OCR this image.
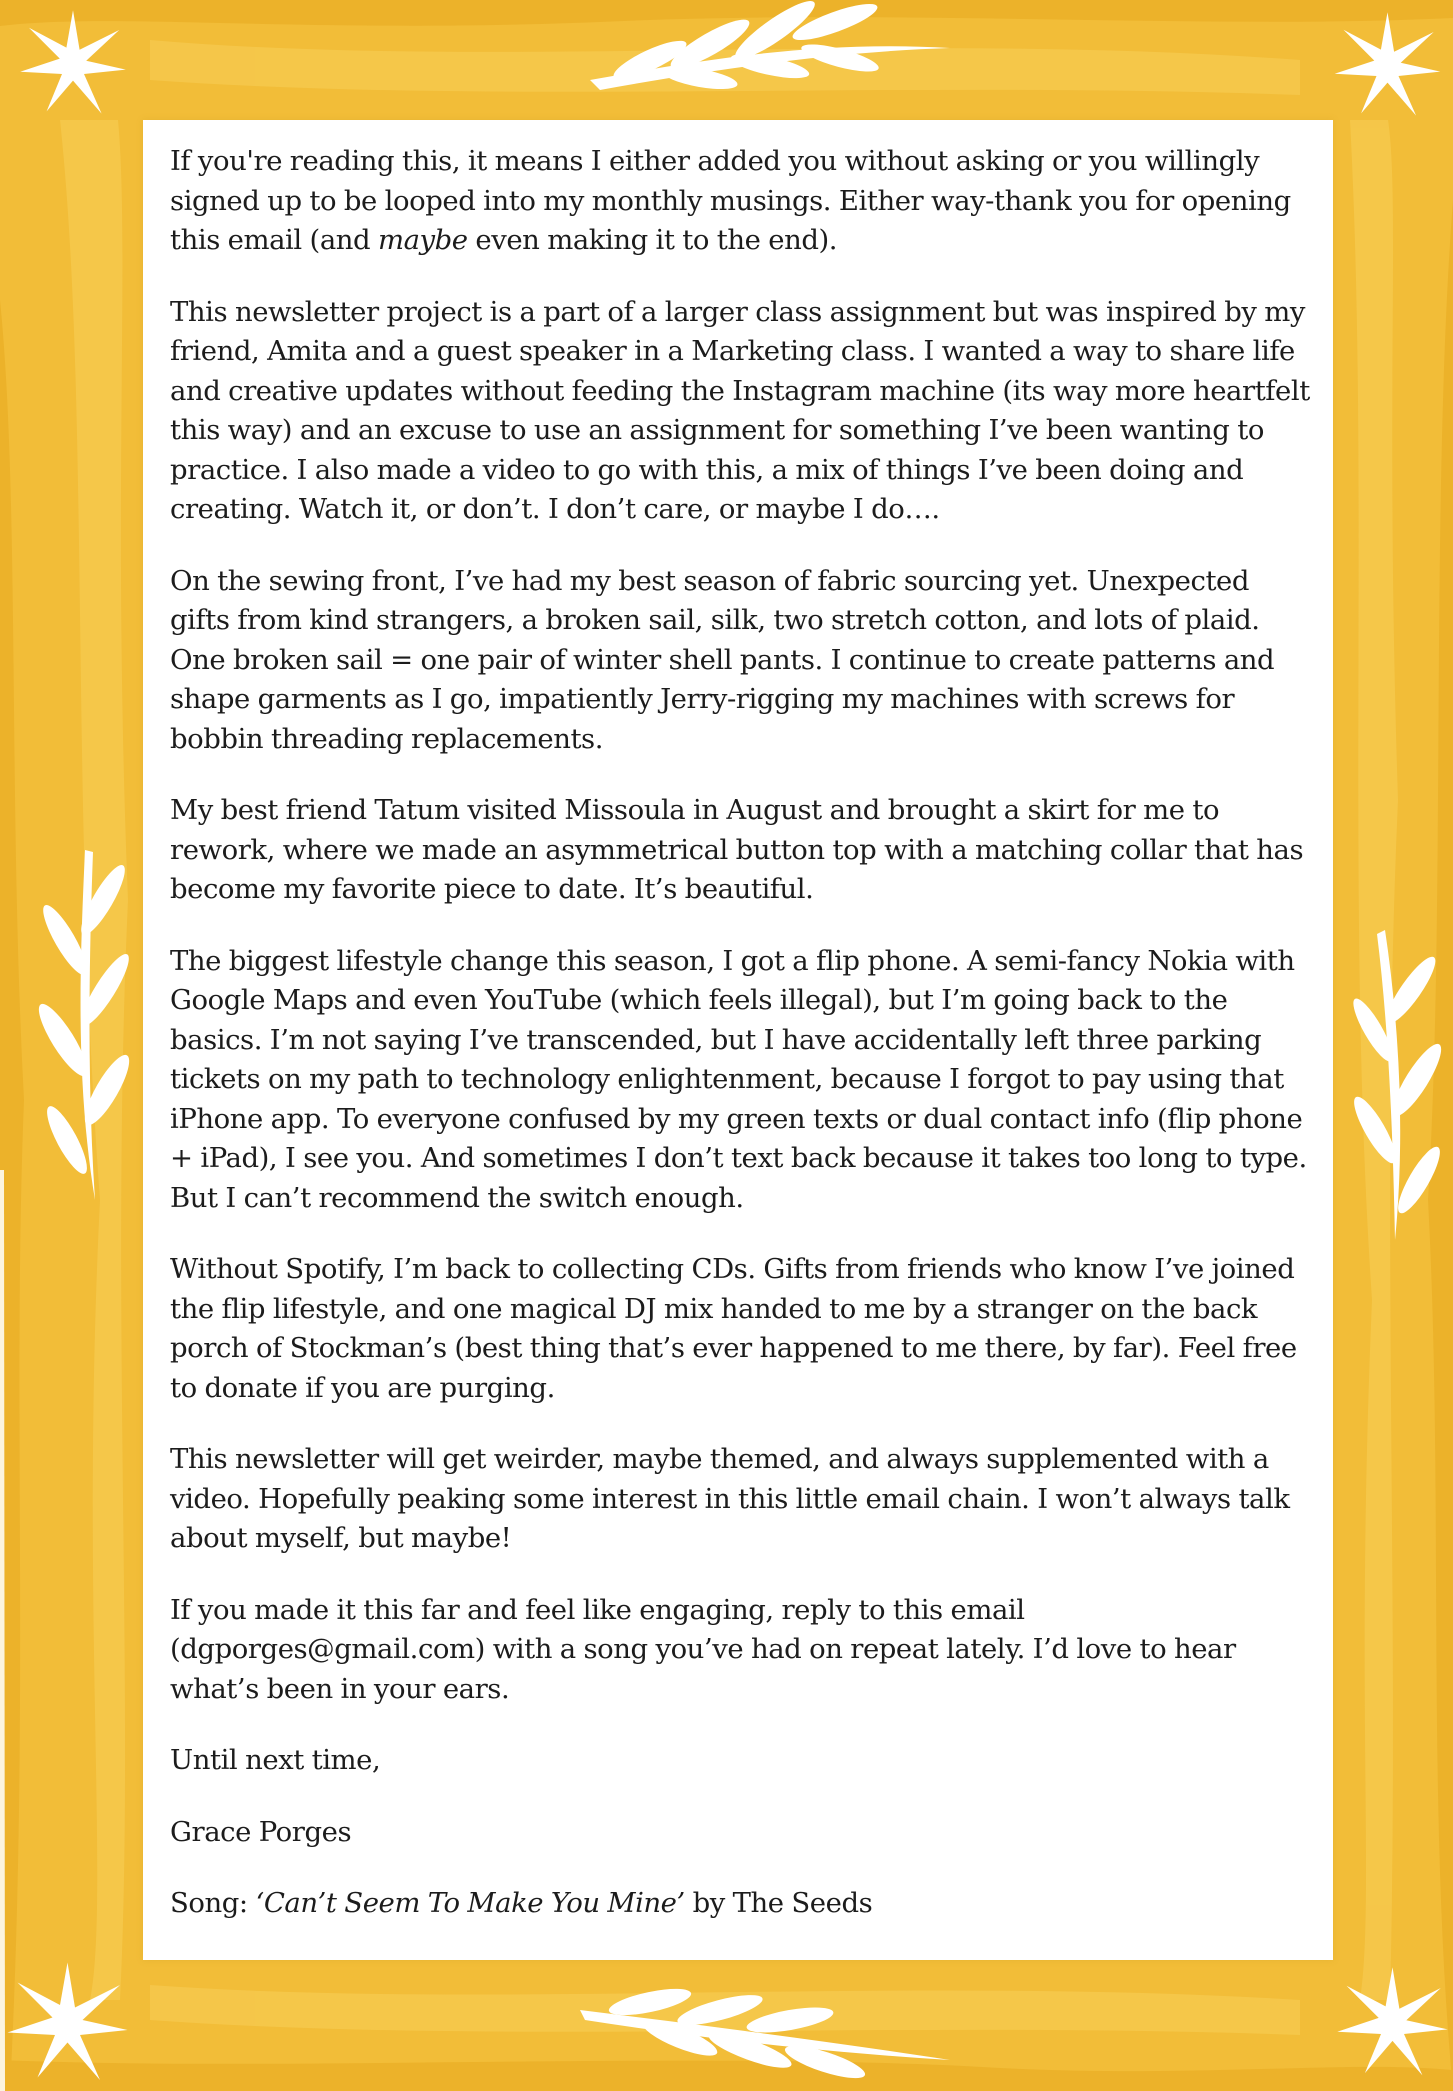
If you're reading this, it means I either added you without asking or you willingly signed up to be looped into my monthly musings. Either way-thank you for opening this email (and maybe even making it to the end).

This newsletter project is a part of a larger class assignment but was inspired by my friend, Amita and a guest speaker in a Marketing class. I wanted a way to share life and creative updates without feeding the Instagram machine (its way more heartfelt this way) and an excuse to use an assignment for something I’ve been wanting to practice. I also made a video to go with this, a mix of things I’ve been doing and creating. Watch it, or don’t. I don’t care, or maybe I do….

On the sewing front, I’ve had my best season of fabric sourcing yet. Unexpected gifts from kind strangers, a broken sail, silk, two stretch cotton, and lots of plaid. One broken sail = one pair of winter shell pants. I continue to create patterns and shape garments as I go, impatiently Jerry-rigging my machines with screws for bobbin threading replacements.

My best friend Tatum visited Missoula in August and brought a skirt for me to rework, where we made an asymmetrical button top with a matching collar that has become my favorite piece to date. It’s beautiful.

The biggest lifestyle change this season, I got a flip phone. A semi-fancy Nokia with Google Maps and even YouTube (which feels illegal), but I’m going back to the basics. I’m not saying I’ve transcended, but I have accidentally left three parking tickets on my path to technology enlightenment, because I forgot to pay using that iPhone app. To everyone confused by my green texts or dual contact info (flip phone + iPad), I see you. And sometimes I don’t text back because it takes too long to type. But I can’t recommend the switch enough.

Without Spotify, I’m back to collecting CDs. Gifts from friends who know I’ve joined the flip lifestyle, and one magical DJ mix handed to me by a stranger on the back porch of Stockman’s (best thing that’s ever happened to me there, by far). Feel free to donate if you are purging.

This newsletter will get weirder, maybe themed, and always supplemented with a video. Hopefully peaking some interest in this little email chain. I won’t always talk about myself, but maybe!

If you made it this far and feel like engaging, reply to this email (dgporges@gmail.com) with a song you’ve had on repeat lately. I’d love to hear what’s been in your ears.

Until next time,

Grace Porges

Song: ‘Can’t Seem To Make You Mine’ by The Seeds
